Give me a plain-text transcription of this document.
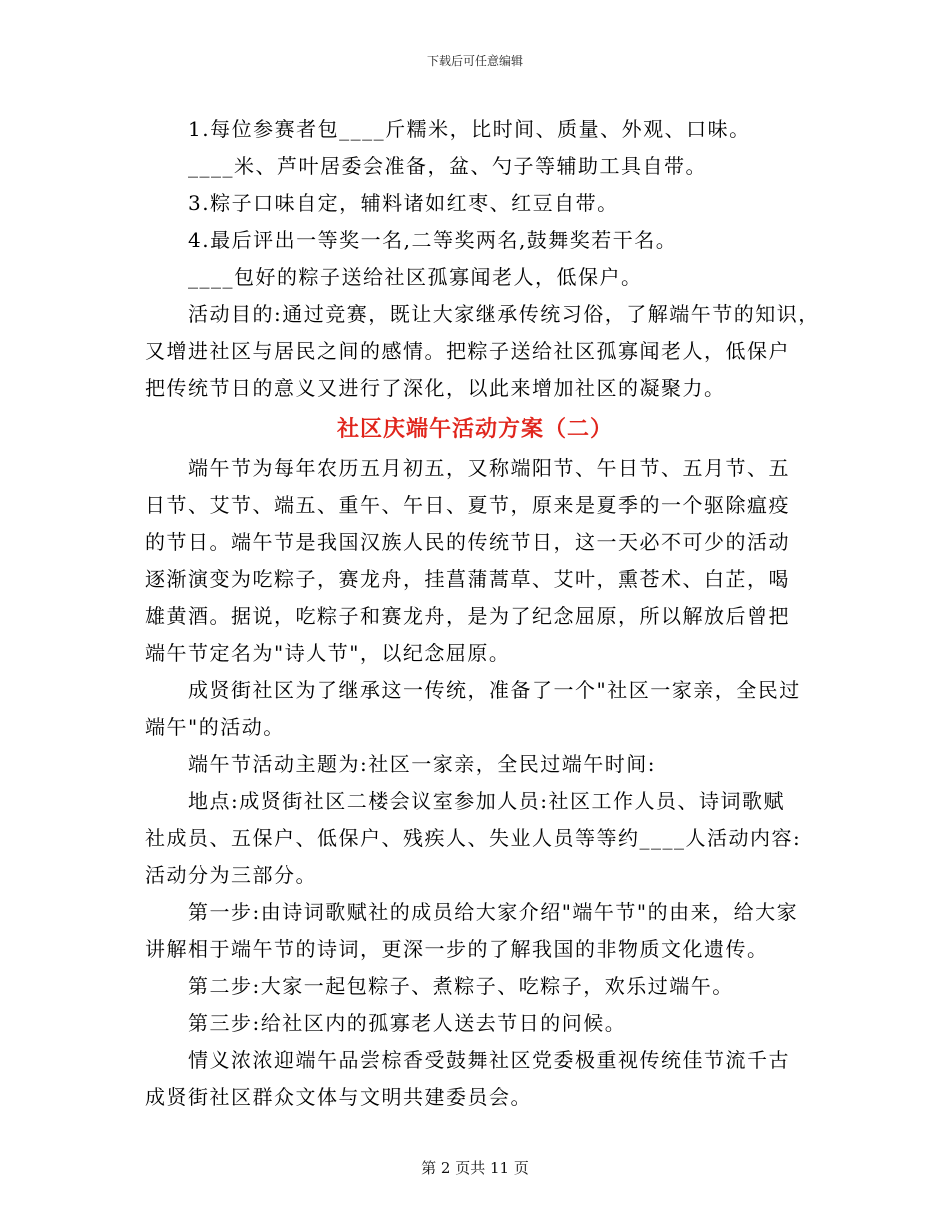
下载后可任意编辑
1.每位参赛者包____斤糯米，比时间、质量、外观、口味。
____米、芦叶居委会准备，盆、勺子等辅助工具自带。
3.粽子口味自定，辅料诸如红枣、红豆自带。
4.最后评出一等奖一名,二等奖两名,鼓舞奖若干名。
____包好的粽子送给社区孤寡闻老人，低保户。
活动目的:通过竞赛，既让大家继承传统习俗，了解端午节的知识，
又增进社区与居民之间的感情。把粽子送给社区孤寡闻老人，低保户
把传统节日的意义又进行了深化，以此来增加社区的凝聚力。
社区庆端午活动方案（二）
端午节为每年农历五月初五，又称端阳节、午日节、五月节、五
日节、艾节、端五、重午、午日、夏节，原来是夏季的一个驱除瘟疫
的节日。端午节是我国汉族人民的传统节日，这一天必不可少的活动
逐渐演变为吃粽子，赛龙舟，挂菖蒲蒿草、艾叶，熏苍术、白芷，喝
雄黄酒。据说，吃粽子和赛龙舟，是为了纪念屈原，所以解放后曾把
端午节定名为"诗人节"，以纪念屈原。
成贤街社区为了继承这一传统，准备了一个"社区一家亲，全民过
端午"的活动。
端午节活动主题为:社区一家亲，全民过端午时间:
地点:成贤街社区二楼会议室参加人员:社区工作人员、诗词歌赋
社成员、五保户、低保户、残疾人、失业人员等等约____人活动内容:
活动分为三部分。
第一步:由诗词歌赋社的成员给大家介绍"端午节"的由来，给大家
讲解相于端午节的诗词，更深一步的了解我国的非物质文化遗传。
第二步:大家一起包粽子、煮粽子、吃粽子，欢乐过端午。
第三步:给社区内的孤寡老人送去节日的问候。
情义浓浓迎端午品尝棕香受鼓舞社区党委极重视传统佳节流千古
成贤街社区群众文体与文明共建委员会。
第 2 页共 11 页
